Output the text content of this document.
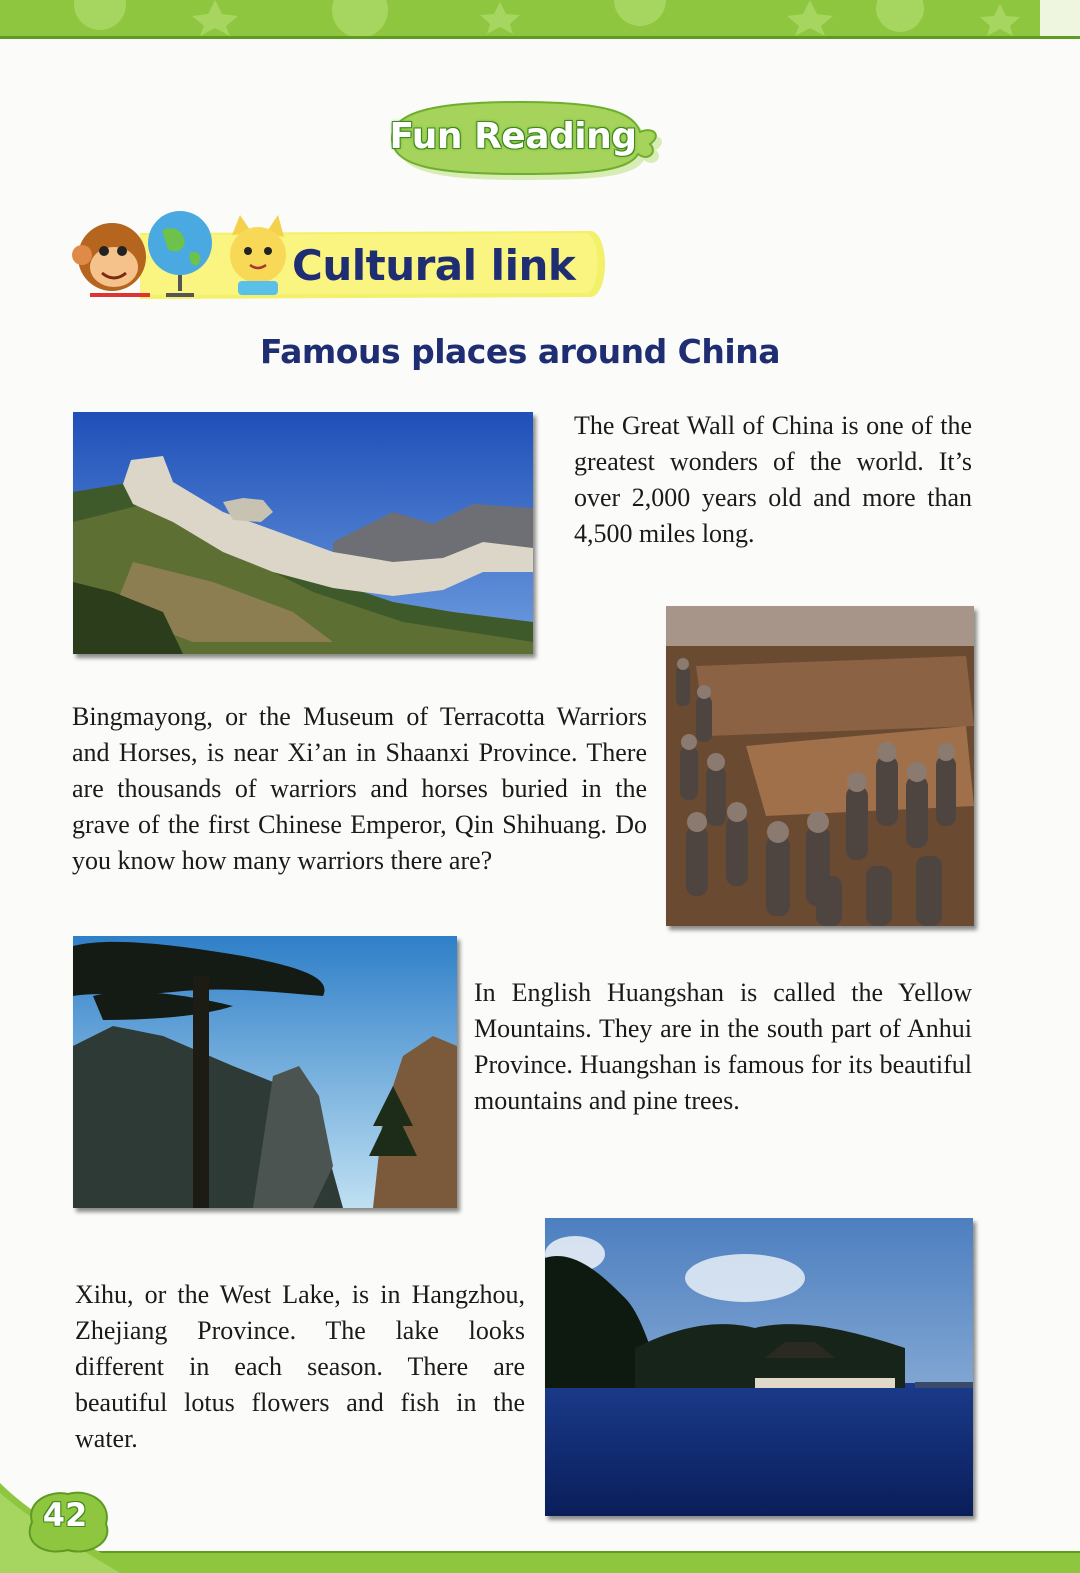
Fun Reading
Cultural link
Famous places around China

The Great Wall of China is one of the greatest wonders of the world. It’s over 2,000 years old and more than 4,500 miles long.

Bingmayong, or the Museum of Terracotta Warriors and Horses, is near Xi’an in Shaanxi Province. There are thousands of warriors and horses buried in the grave of the first Chinese Emperor, Qin Shihuang. Do you know how many warriors there are?

In English Huangshan is called the Yellow Mountains. They are in the south part of Anhui Province. Huangshan is famous for its beautiful mountains and pine trees.

Xihu, or the West Lake, is in Hangzhou, Zhejiang Province. The lake looks different in each season. There are beautiful lotus flowers and fish in the water.

42
